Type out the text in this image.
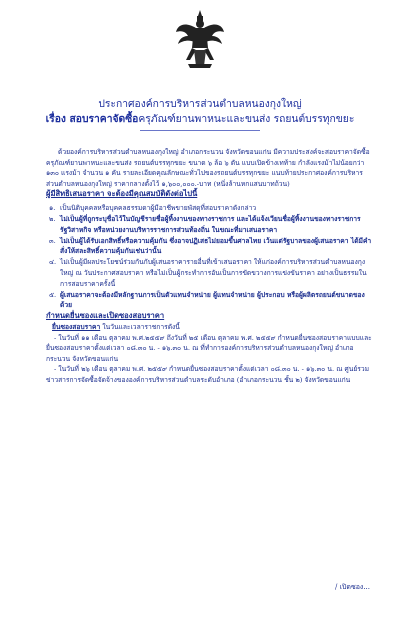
ประกาศองค์การบริหารส่วนตำบลหนองกุงใหญ่
เรื่อง สอบราคาจัดซื้อครุภัณฑ์ยานพาหนะและขนส่ง รถยนต์บรรทุกขยะ

ด้วยองค์การบริหารส่วนตำบลหนองกุงใหญ่ อำเภอกระนวน จังหวัดขอนแก่น มีความประสงค์จะสอบราคาจัดซื้อครุภัณฑ์ยานพาหนะและขนส่ง รถยนต์บรรทุกขยะ ขนาด ๖ ล้อ ๖ ตัน แบบเปิดข้างเทท้าย กำลังแรงม้าไม่น้อยกว่า ๑๓๐ แรงม้า จำนวน ๑ คัน รายละเอียดคุณลักษณะทั่วไปของรถยนต์บรรทุกขยะ แนบท้ายประกาศองค์การบริหารส่วนตำบลหนองกุงใหญ่ ราคากลางตั้งไว้ ๑,๖๐๐,๐๐๐.-บาท (หนึ่งล้านหกแสนบาทถ้วน)

ผู้มีสิทธิเสนอราคา จะต้องมีคุณสมบัติดังต่อไปนี้

๑. เป็นนิติบุคคลหรือบุคคลธรรมดาผู้มีอาชีพขายพัสดุที่สอบราคาดังกล่าว
๒. ไม่เป็นผู้ที่ถูกระบุชื่อไว้ในบัญชีรายชื่อผู้ทิ้งงานของทางราชการ และได้แจ้งเวียนชื่อผู้ทิ้งงานของทางราชการ รัฐวิสาหกิจ หรือหน่วยงานบริหารราชการส่วนท้องถิ่น ในขณะที่มาเสนอราคา
๓. ไม่เป็นผู้ได้รับเอกสิทธิ์หรือความคุ้มกัน ซึ่งอาจปฏิเสธไม่ยอมขึ้นศาลไทย เว้นแต่รัฐบาลของผู้เสนอราคา ได้มีคำสั่งให้สละสิทธิ์ความคุ้มกันเช่นว่านั้น
๔. ไม่เป็นผู้มีผลประโยชน์ร่วมกันกับผู้เสนอราคารายอื่นที่เข้าเสนอราคา ให้แก่องค์การบริหารส่วนตำบลหนองกุงใหญ่ ณ วันประกาศสอบราคา หรือไม่เป็นผู้กระทำการอันเป็นการขัดขวางการแข่งขันราคา อย่างเป็นธรรมในการสอบราคาครั้งนี้
๕. ผู้เสนอราคาจะต้องมีหลักฐานการเป็นตัวแทนจำหน่าย ผู้แทนจำหน่าย ผู้ประกอบ หรือผู้ผลิตรถยนต์ขนาดของด้วย

กำหนดยื่นซองและเปิดซองสอบราคา

ยื่นซองสอบราคา ในวันและเวลาราชการดังนี้

- ในวันที่ ๑๑ เดือน ตุลาคม พ.ศ.๒๕๕๙ ถึงวันที่ ๒๕ เดือน ตุลาคม พ.ศ. ๒๕๕๙ กำหนดยื่นซองสอบราคาแบบและยื่นซองสอบราคาตั้งแต่เวลา ๐๘.๓๐ น. - ๑๖.๓๐ น. ณ ที่ทำการองค์การบริหารส่วนตำบลหนองกุงใหญ่ อำเภอกระนวน จังหวัดขอนแก่น

- ในวันที่ ๒๖ เดือน ตุลาคม พ.ศ. ๒๕๕๙ กำหนดยื่นซองสอบราคาตั้งแต่เวลา ๐๘.๓๐ น. - ๑๖.๓๐ น. ณ ศูนย์รวมข่าวสารการจัดซื้อจัดจ้างขององค์การบริหารส่วนตำบลระดับอำเภอ (อำเภอกระนวน ชั้น ๒) จังหวัดขอนแก่น

/ เปิดซอง...
